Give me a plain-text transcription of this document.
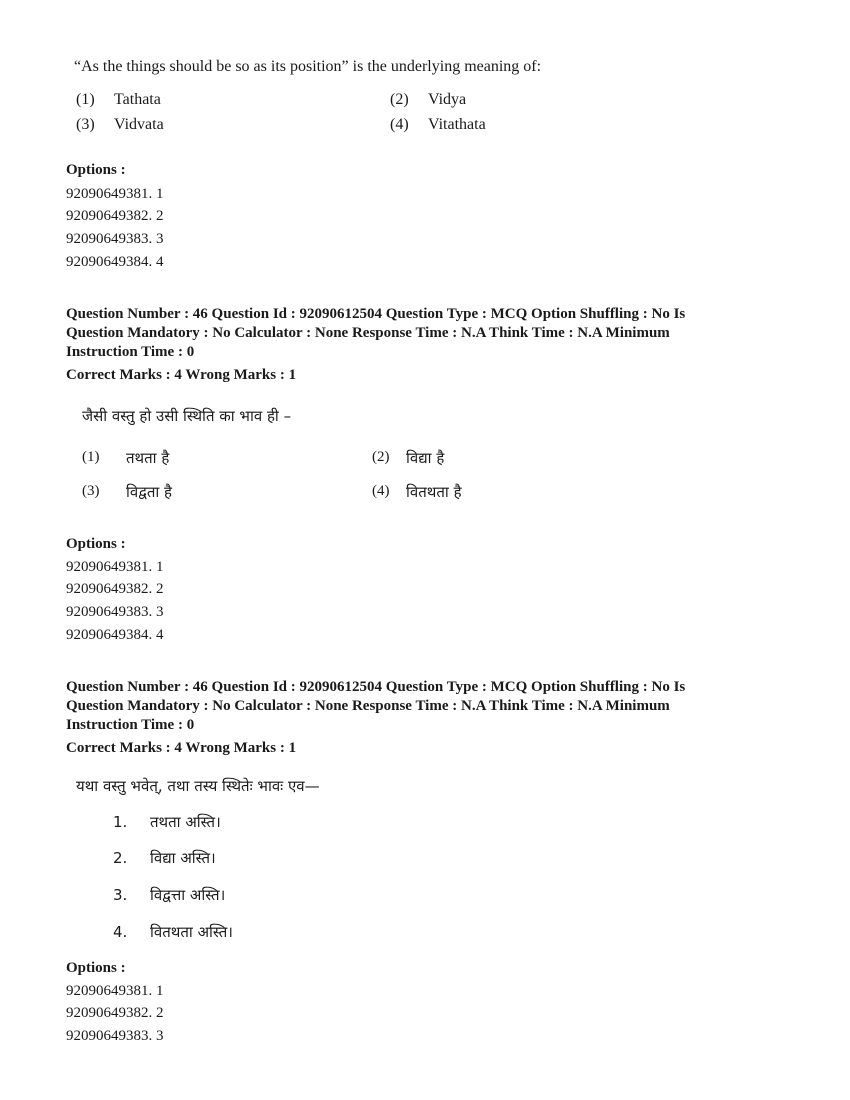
“As the things should be so as its position” is the underlying meaning of:
(1) Tathata	(2) Vidya
(3) Vidvata	(4) Vitathata
Options :
92090649381. 1
92090649382. 2
92090649383. 3
92090649384. 4
Question Number : 46 Question Id : 92090612504 Question Type : MCQ Option Shuffling : No Is
Question Mandatory : No Calculator : None Response Time : N.A Think Time : N.A Minimum
Instruction Time : 0
Correct Marks : 4 Wrong Marks : 1
जैसी वस्तु हो उसी स्थिति का भाव ही –
(1) तथता है	(2) विद्या है
(3) विद्वता है	(4) वितथता है
Options :
92090649381. 1
92090649382. 2
92090649383. 3
92090649384. 4
Question Number : 46 Question Id : 92090612504 Question Type : MCQ Option Shuffling : No Is
Question Mandatory : No Calculator : None Response Time : N.A Think Time : N.A Minimum
Instruction Time : 0
Correct Marks : 4 Wrong Marks : 1
यथा वस्तु भवेत्, तथा तस्य स्थितेः भावः एव—
1. तथता अस्ति।
2. विद्या अस्ति।
3. विद्वत्ता अस्ति।
4. वितथता अस्ति।
Options :
92090649381. 1
92090649382. 2
92090649383. 3
